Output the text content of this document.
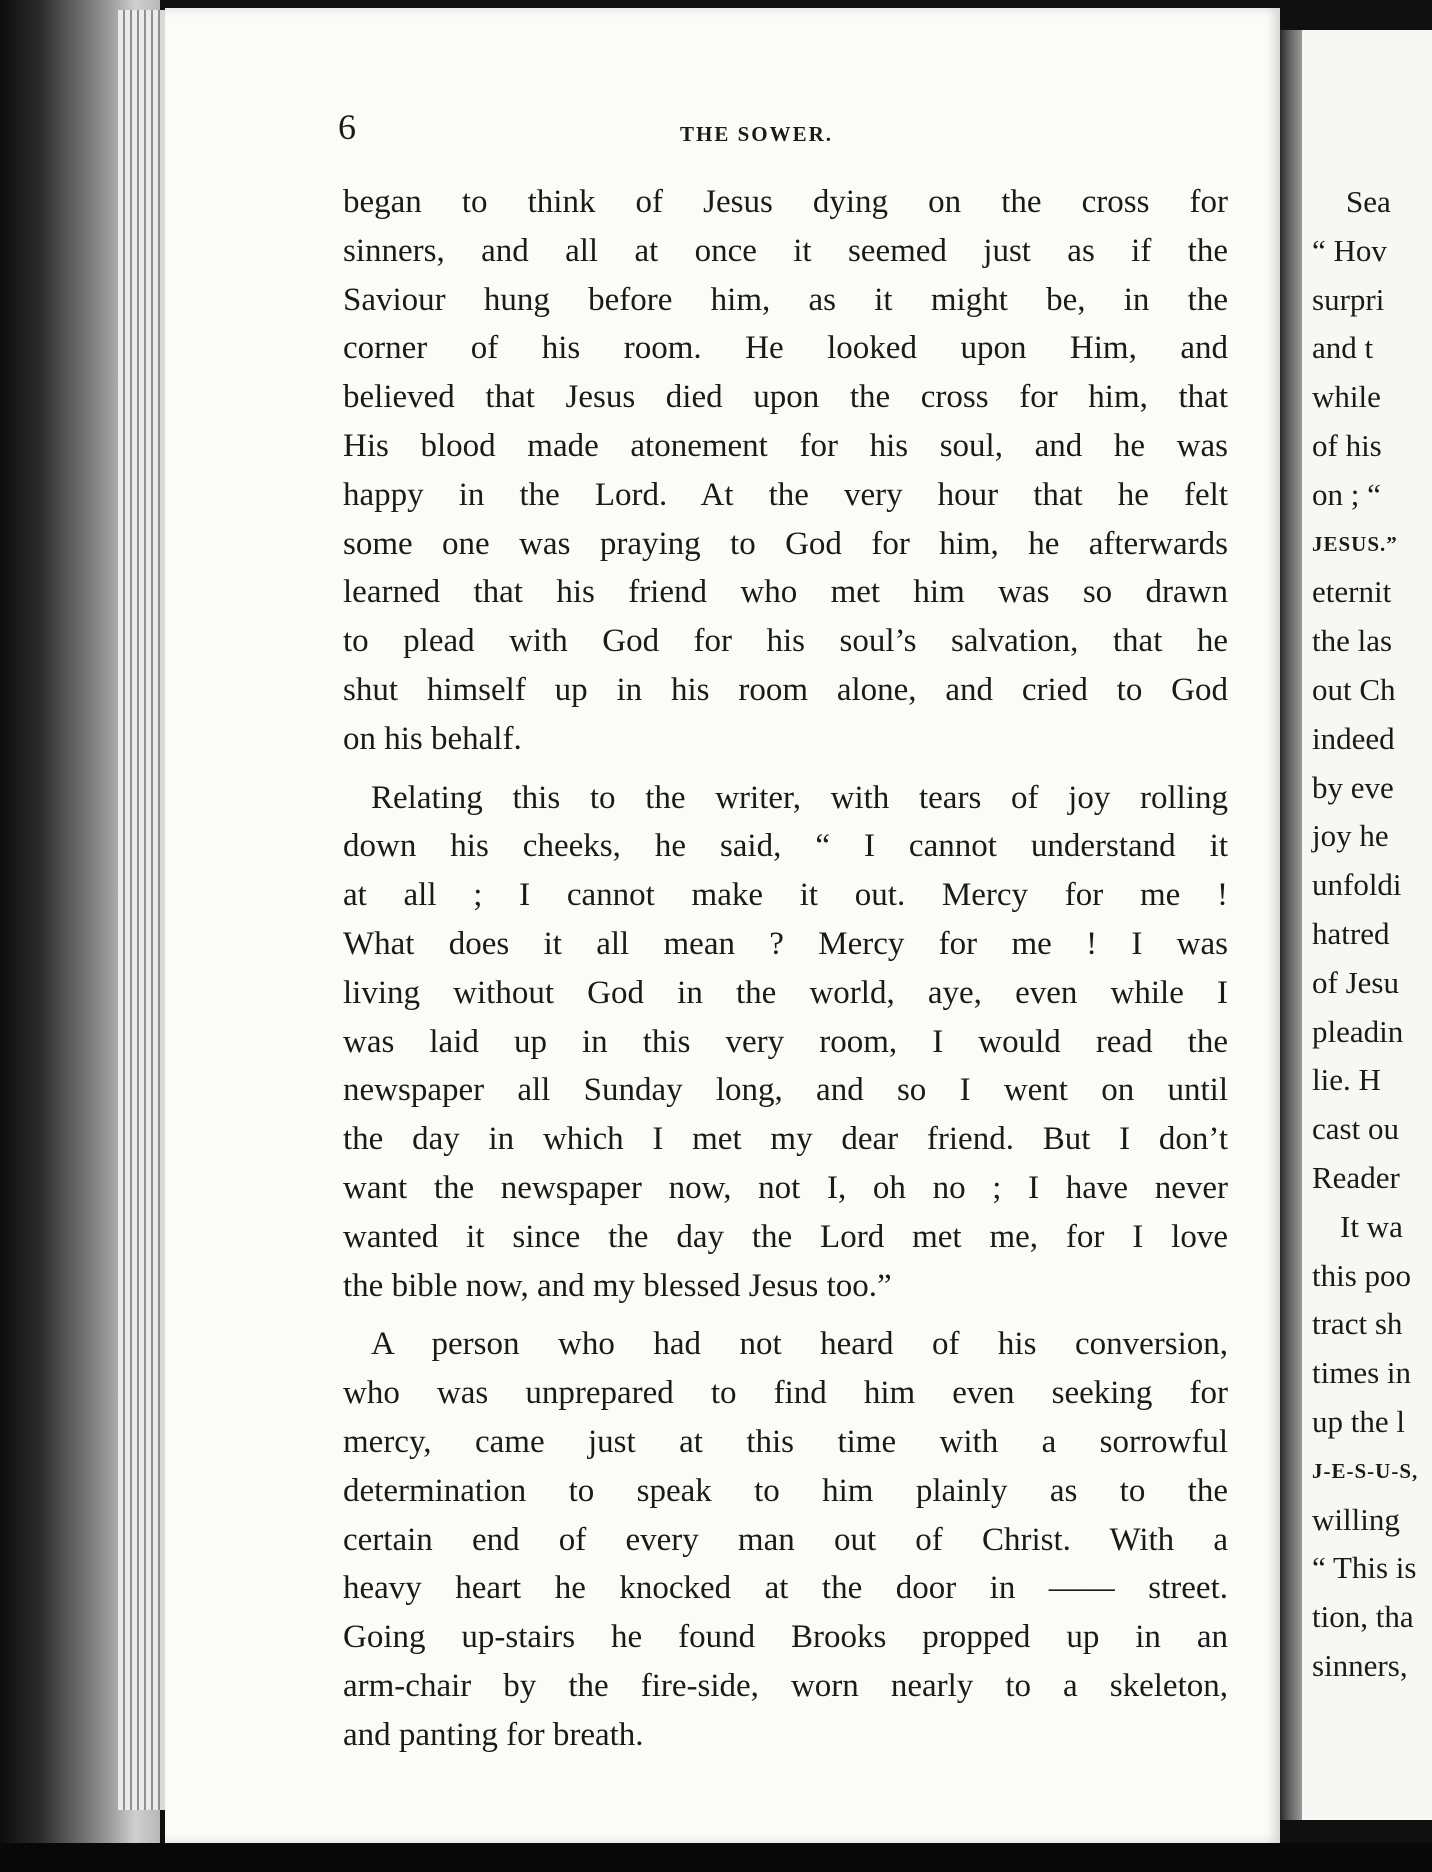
6	THE SOWER.
began to think of Jesus dying on the cross for
sinners, and all at once it seemed just as if the
Saviour hung before him, as it might be, in the
corner of his room. He looked upon Him, and
believed that Jesus died upon the cross for him, that
His blood made atonement for his soul, and he was
happy in the Lord. At the very hour that he felt
some one was praying to God for him, he afterwards
learned that his friend who met him was so drawn
to plead with God for his soul’s salvation, that he
shut himself up in his room alone, and cried to God
on his behalf.
Relating this to the writer, with tears of joy rolling
down his cheeks, he said, “ I cannot understand it
at all ; I cannot make it out. Mercy for me !
What does it all mean ? Mercy for me ! I was
living without God in the world, aye, even while I
was laid up in this very room, I would read the
newspaper all Sunday long, and so I went on until
the day in which I met my dear friend. But I don’t
want the newspaper now, not I, oh no ; I have never
wanted it since the day the Lord met me, for I love
the bible now, and my blessed Jesus too.”
A person who had not heard of his conversion,
who was unprepared to find him even seeking for
mercy, came just at this time with a sorrowful
determination to speak to him plainly as to the
certain end of every man out of Christ. With a
heavy heart he knocked at the door in —— street.
Going up-stairs he found Brooks propped up in an
arm-chair by the fire-side, worn nearly to a skeleton,
and panting for breath.
Sea
“ Hov
surpri
and t
while
of his
on ; “
JESUS.”
eternit
the las
out Ch
indeed
by eve
joy he
unfoldi
hatred
of Jesu
pleadin
lie. H
cast ou
Reader
It wa
this poo
tract sh
times in
up the l
J-E-S-U-S,
willing
“ This is
tion, tha
sinners,
